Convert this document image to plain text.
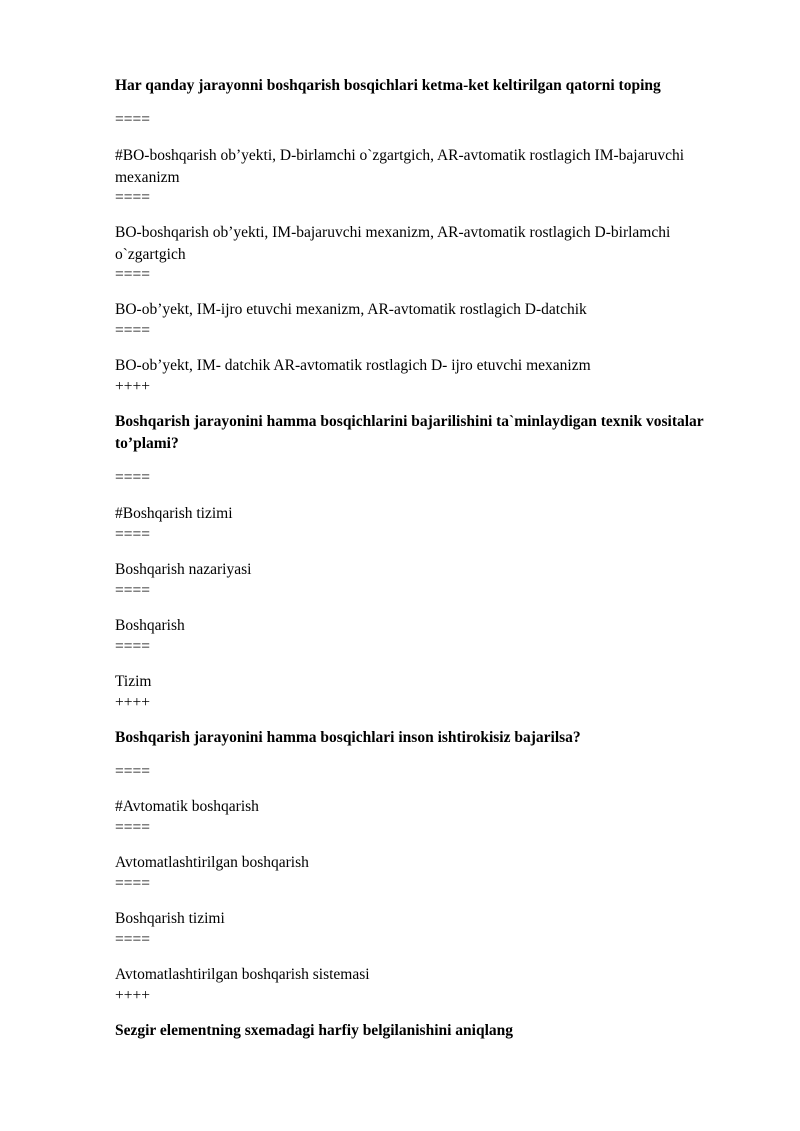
Har qanday jarayonni boshqarish bosqichlari ketma-ket keltirilgan qatorni toping

====

#BO-boshqarish ob’yekti, D-birlamchi o`zgartgich, AR-avtomatik rostlagich IM-bajaruvchi mexanizm

====

BO-boshqarish ob’yekti, IM-bajaruvchi mexanizm, AR-avtomatik rostlagich D-birlamchi o`zgartgich

====

BO-ob’yekt, IM-ijro etuvchi mexanizm, AR-avtomatik rostlagich D-datchik

====

BO-ob’yekt, IM- datchik AR-avtomatik rostlagich D- ijro etuvchi mexanizm

++++

Boshqarish jarayonini hamma bosqichlarini bajarilishini ta`minlaydigan texnik vositalar to’plami?

====

#Boshqarish tizimi

====

Boshqarish nazariyasi

====

Boshqarish

====

Tizim

++++

Boshqarish jarayonini hamma bosqichlari inson ishtirokisiz bajarilsa?

====

#Avtomatik boshqarish

====

Avtomatlashtirilgan boshqarish

====

Boshqarish tizimi

====

Avtomatlashtirilgan boshqarish sistemasi

++++

Sezgir elementning sxemadagi harfiy belgilanishini aniqlang
